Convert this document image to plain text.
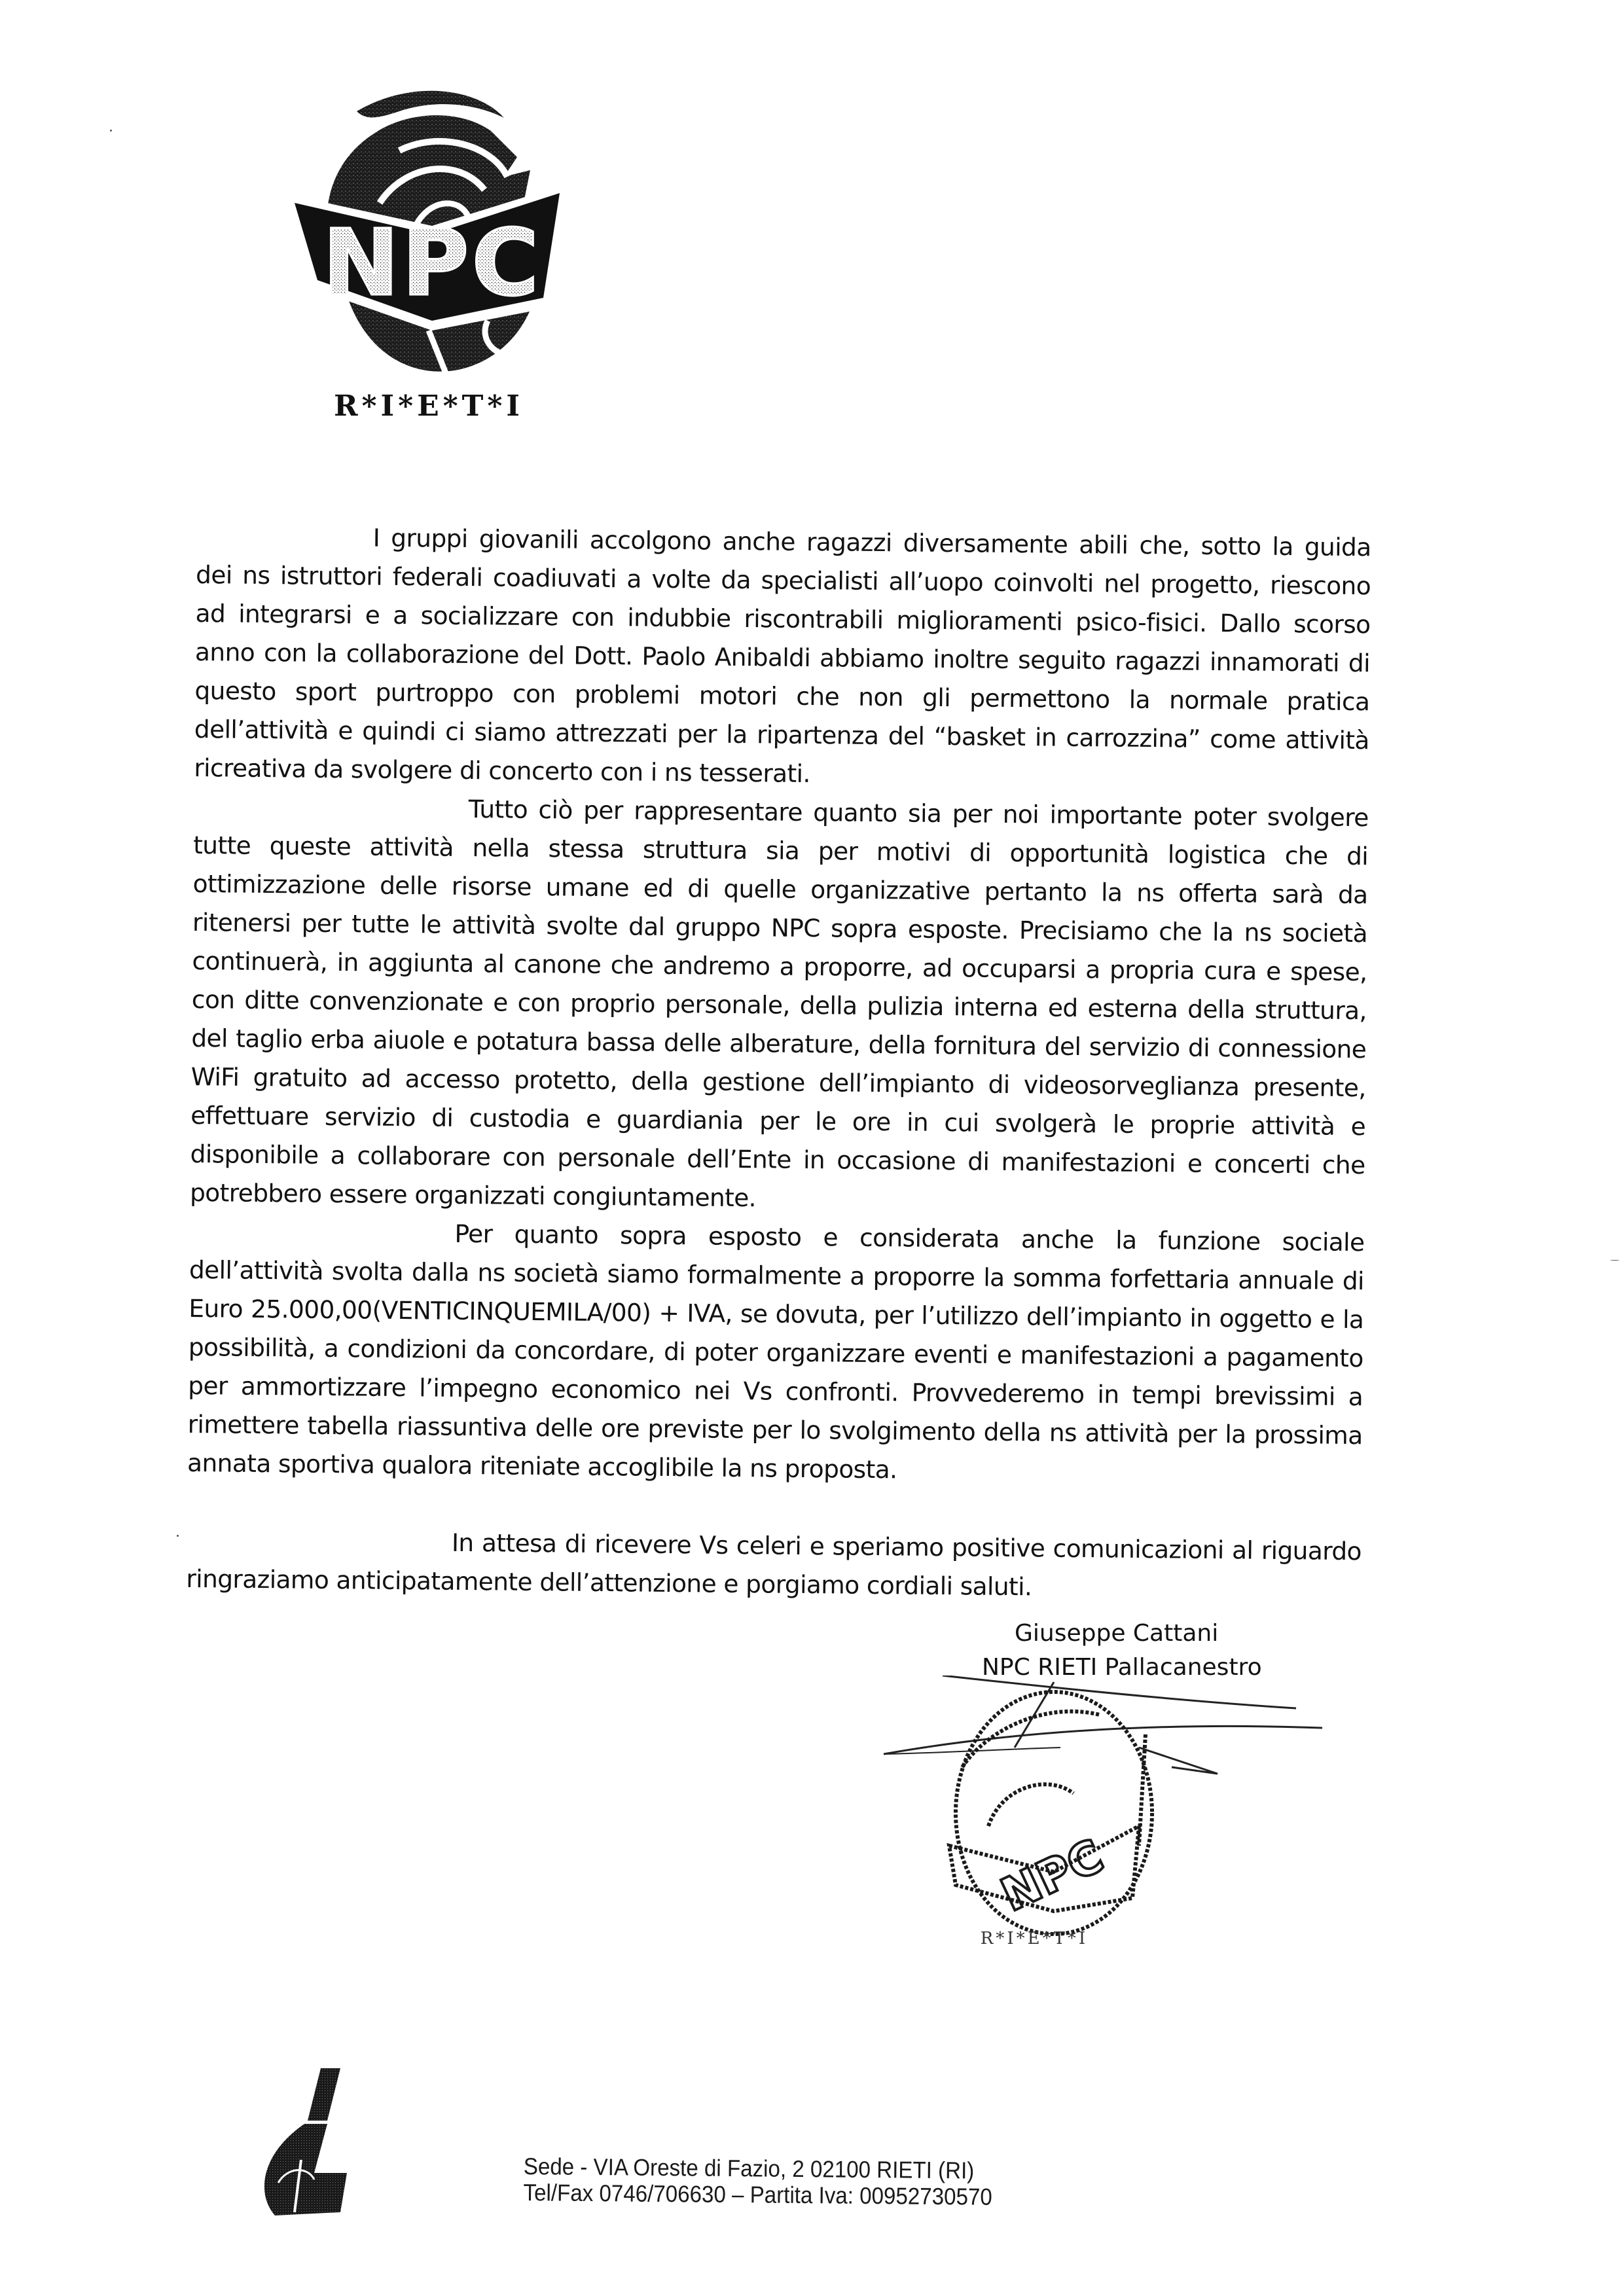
NPC
R*I*E*T*I

I gruppi giovanili accolgono anche ragazzi diversamente abili che, sotto la guida dei ns istruttori federali coadiuvati a volte da specialisti all’uopo coinvolti nel progetto, riescono ad integrarsi e a socializzare con indubbie riscontrabili miglioramenti psico-fisici. Dallo scorso anno con la collaborazione del Dott. Paolo Anibaldi abbiamo inoltre seguito ragazzi innamorati di questo sport purtroppo con problemi motori che non gli permettono la normale pratica dell’attività e quindi ci siamo attrezzati per la ripartenza del “basket in carrozzina” come attività ricreativa da svolgere di concerto con i ns tesserati.

Tutto ciò per rappresentare quanto sia per noi importante poter svolgere tutte queste attività nella stessa struttura sia per motivi di opportunità logistica che di ottimizzazione delle risorse umane ed di quelle organizzative pertanto la ns offerta sarà da ritenersi per tutte le attività svolte dal gruppo NPC sopra esposte. Precisiamo che la ns società continuerà, in aggiunta al canone che andremo a proporre, ad occuparsi a propria cura e spese, con ditte convenzionate e con proprio personale, della pulizia interna ed esterna della struttura, del taglio erba aiuole e potatura bassa delle alberature, della fornitura del servizio di connessione WiFi gratuito ad accesso protetto, della gestione dell’impianto di videosorveglianza presente, effettuare servizio di custodia e guardiania per le ore in cui svolgerà le proprie attività e disponibile a collaborare con personale dell’Ente in occasione di manifestazioni e concerti che potrebbero essere organizzati congiuntamente.

Per quanto sopra esposto e considerata anche la funzione sociale dell’attività svolta dalla ns società siamo formalmente a proporre la somma forfettaria annuale di Euro 25.000,00(VENTICINQUEMILA/00) + IVA, se dovuta, per l’utilizzo dell’impianto in oggetto e la possibilità, a condizioni da concordare, di poter organizzare eventi e manifestazioni a pagamento per ammortizzare l’impegno economico nei Vs confronti. Provvederemo in tempi brevissimi a rimettere tabella riassuntiva delle ore previste per lo svolgimento della ns attività per la prossima annata sportiva qualora riteniate accoglibile la ns proposta.

In attesa di ricevere Vs celeri e speriamo positive comunicazioni al riguardo ringraziamo anticipatamente dell’attenzione e porgiamo cordiali saluti.

Giuseppe Cattani
NPC RIETI Pallacanestro
NPC
R*I*E*T*I
Sede - VIA Oreste di Fazio, 2 02100 RIETI (RI)
Tel/Fax 0746/706630 – Partita Iva: 00952730570
